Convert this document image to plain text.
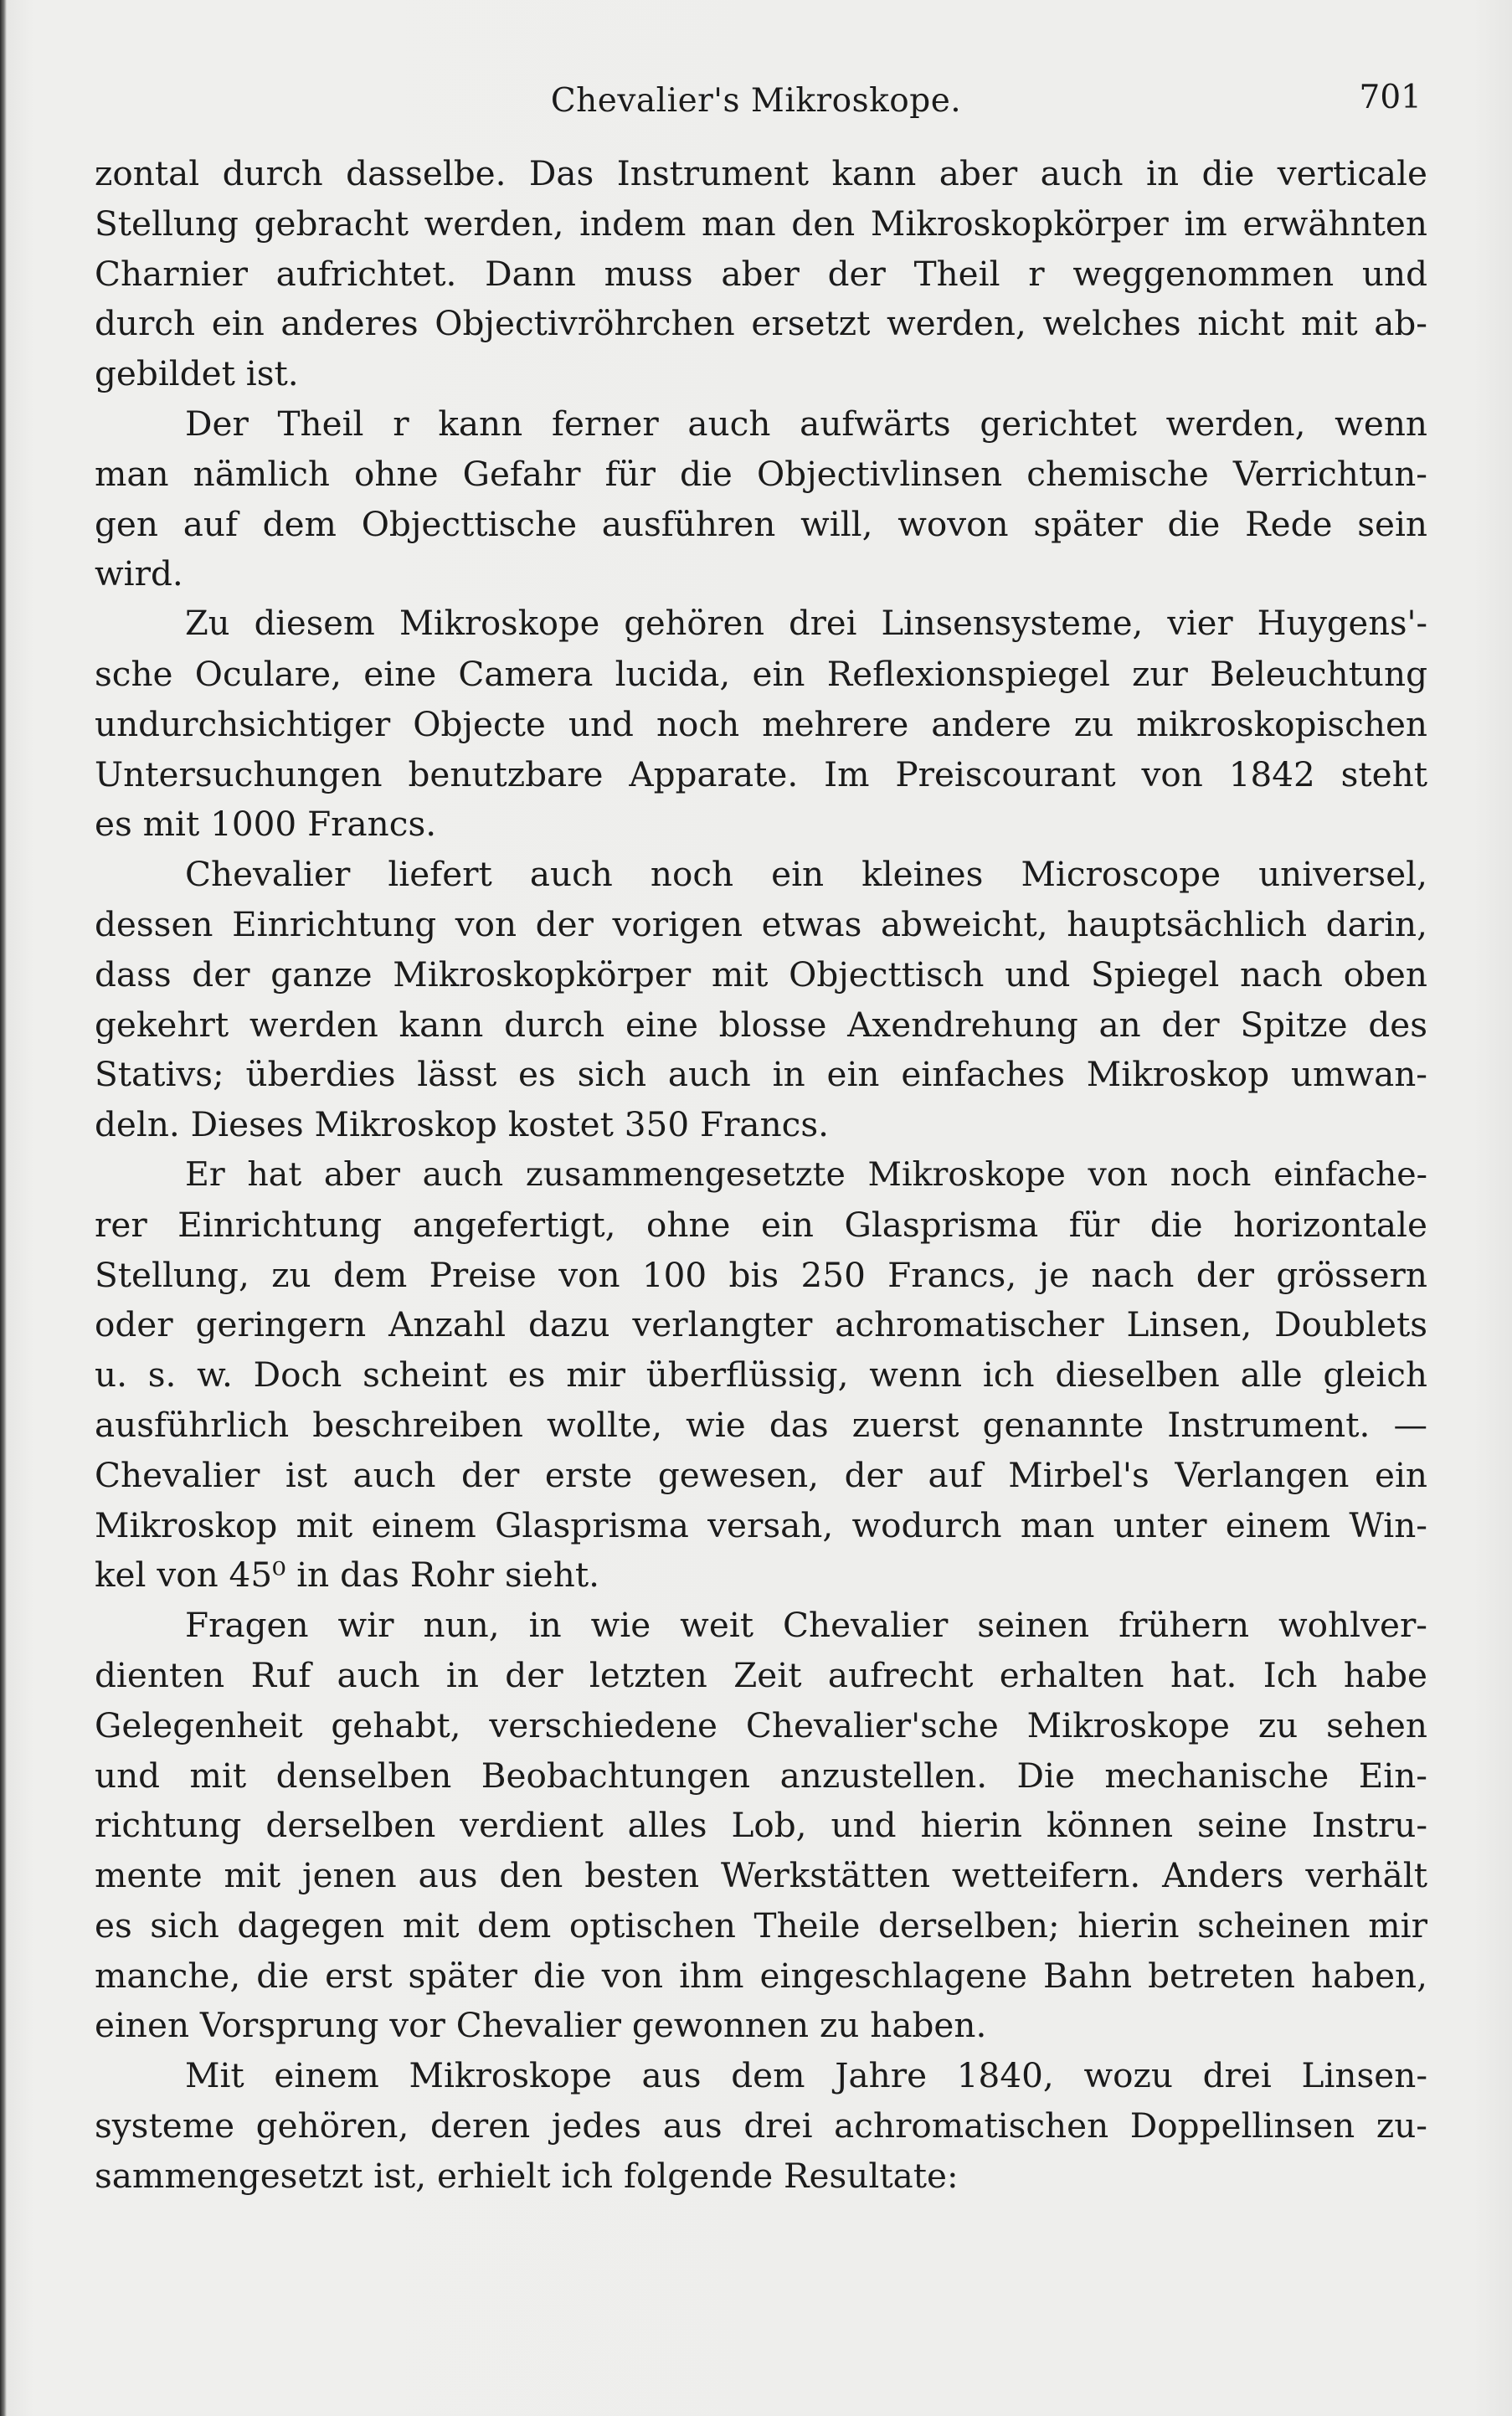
Chevalier's Mikroskope.	701
zontal durch dasselbe. Das Instrument kann aber auch in die verticale
Stellung gebracht werden, indem man den Mikroskopkörper im erwähnten
Charnier aufrichtet. Dann muss aber der Theil r weggenommen und
durch ein anderes Objectivröhrchen ersetzt werden, welches nicht mit ab-
gebildet ist.
Der Theil r kann ferner auch aufwärts gerichtet werden, wenn
man nämlich ohne Gefahr für die Objectivlinsen chemische Verrichtun-
gen auf dem Objecttische ausführen will, wovon später die Rede sein
wird.
Zu diesem Mikroskope gehören drei Linsensysteme, vier Huygens'-
sche Oculare, eine Camera lucida, ein Reflexionspiegel zur Beleuchtung
undurchsichtiger Objecte und noch mehrere andere zu mikroskopischen
Untersuchungen benutzbare Apparate. Im Preiscourant von 1842 steht
es mit 1000 Francs.
Chevalier liefert auch noch ein kleines Microscope universel,
dessen Einrichtung von der vorigen etwas abweicht, hauptsächlich darin,
dass der ganze Mikroskopkörper mit Objecttisch und Spiegel nach oben
gekehrt werden kann durch eine blosse Axendrehung an der Spitze des
Stativs; überdies lässt es sich auch in ein einfaches Mikroskop umwan-
deln. Dieses Mikroskop kostet 350 Francs.
Er hat aber auch zusammengesetzte Mikroskope von noch einfache-
rer Einrichtung angefertigt, ohne ein Glasprisma für die horizontale
Stellung, zu dem Preise von 100 bis 250 Francs, je nach der grössern
oder geringern Anzahl dazu verlangter achromatischer Linsen, Doublets
u. s. w. Doch scheint es mir überflüssig, wenn ich dieselben alle gleich
ausführlich beschreiben wollte, wie das zuerst genannte Instrument. —
Chevalier ist auch der erste gewesen, der auf Mirbel's Verlangen ein
Mikroskop mit einem Glasprisma versah, wodurch man unter einem Win-
kel von 45⁰ in das Rohr sieht.
Fragen wir nun, in wie weit Chevalier seinen frühern wohlver-
dienten Ruf auch in der letzten Zeit aufrecht erhalten hat. Ich habe
Gelegenheit gehabt, verschiedene Chevalier'sche Mikroskope zu sehen
und mit denselben Beobachtungen anzustellen. Die mechanische Ein-
richtung derselben verdient alles Lob, und hierin können seine Instru-
mente mit jenen aus den besten Werkstätten wetteifern. Anders verhält
es sich dagegen mit dem optischen Theile derselben; hierin scheinen mir
manche, die erst später die von ihm eingeschlagene Bahn betreten haben,
einen Vorsprung vor Chevalier gewonnen zu haben.
Mit einem Mikroskope aus dem Jahre 1840, wozu drei Linsen-
systeme gehören, deren jedes aus drei achromatischen Doppellinsen zu-
sammengesetzt ist, erhielt ich folgende Resultate:
